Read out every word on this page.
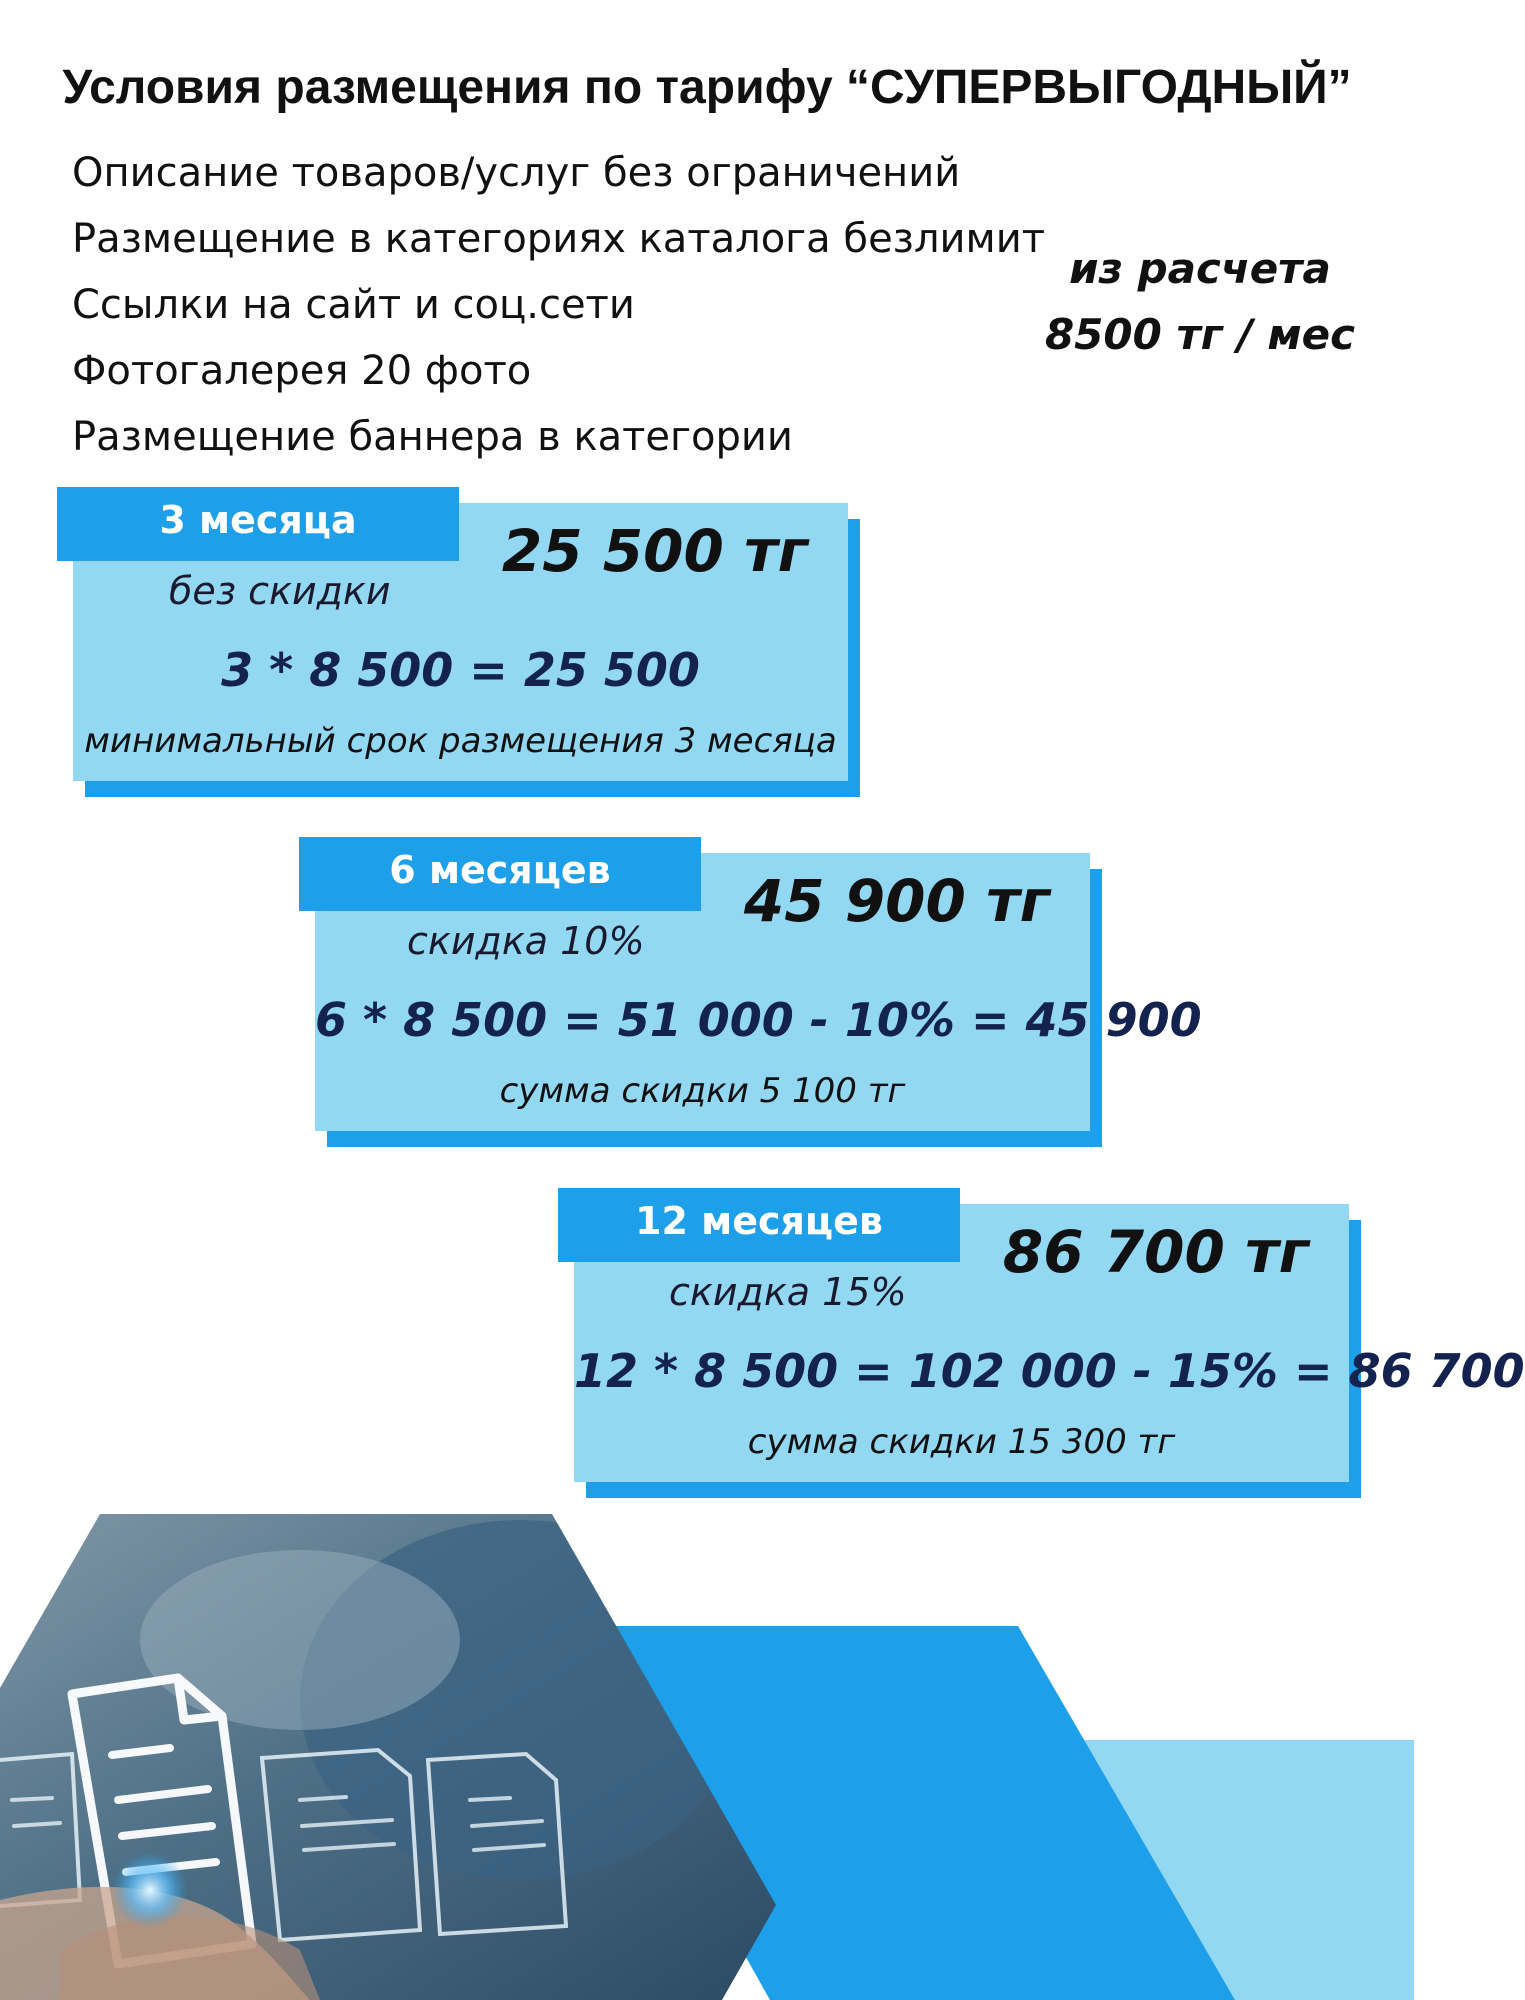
Условия размещения по тарифу “СУПЕРВЫГОДНЫЙ”
Описание товаров/услуг без ограничений
Размещение в категориях каталога безлимит
Ссылки на сайт и соц.сети
Фотогалерея 20 фото
Размещение баннера в категории
из расчета
8500 тг / мес
3 месяца	25 500 тг
без скидки
3 * 8 500 = 25 500
минимальный срок размещения 3 месяца
6 месяцев	45 900 тг
скидка 10%
6 * 8 500 = 51 000 - 10% = 45 900
сумма скидки 5 100 тг
12 месяцев	86 700 тг
скидка 15%
12 * 8 500 = 102 000 - 15% = 86 700
сумма скидки 15 300 тг
